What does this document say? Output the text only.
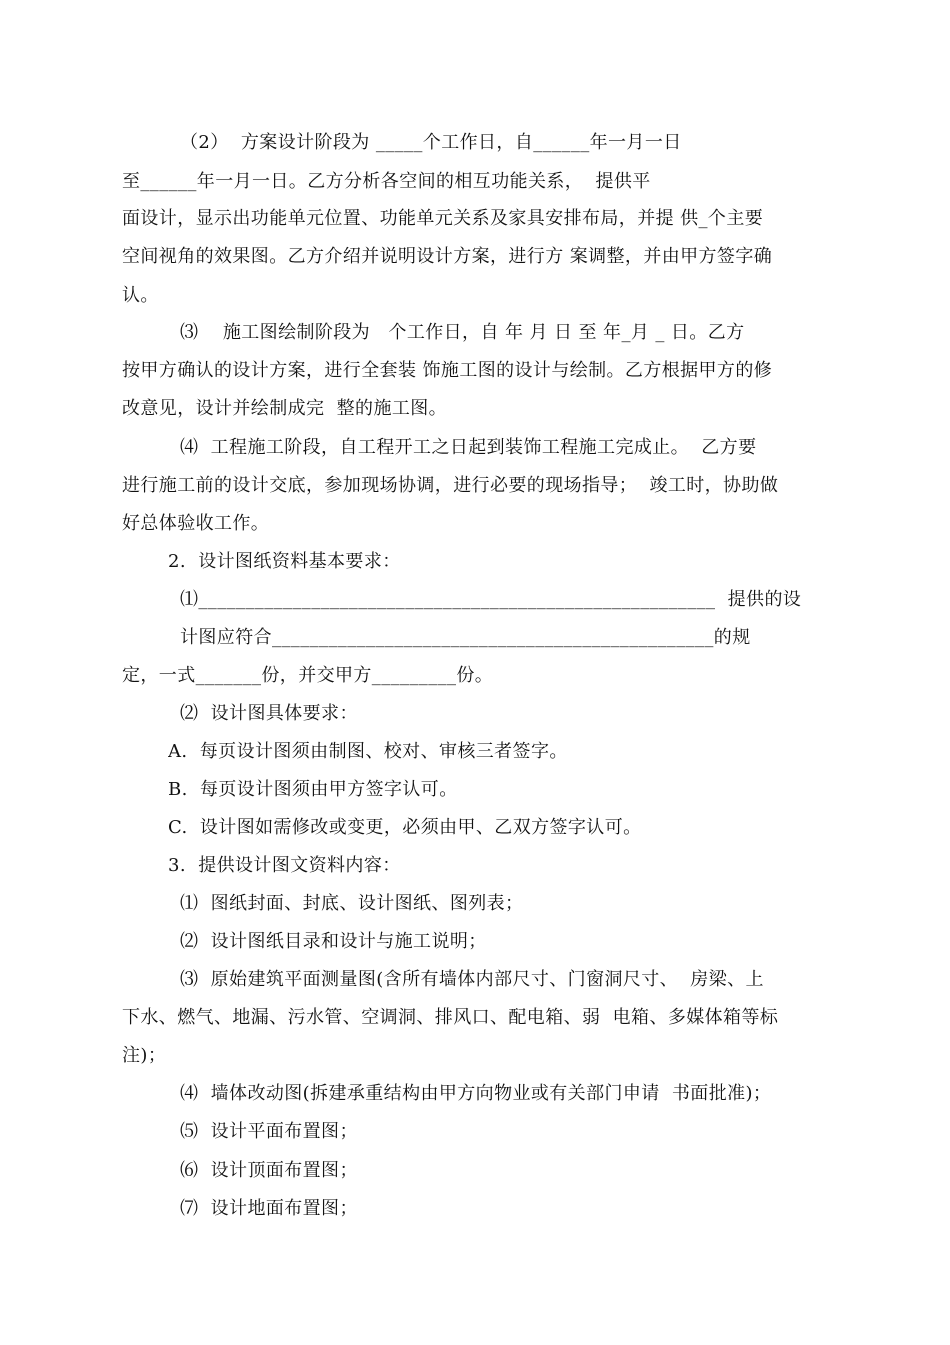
（2）  方案设计阶段为 _____个工作日，自______年一月一日
至______年一月一日。乙方分析各空间的相互功能关系，  提供平
面设计，显示出功能单元位置、功能单元关系及家具安排布局，并提 供_个主要
空间视角的效果图。乙方介绍并说明设计方案，进行方 案调整，并由甲方签字确
认。
⑶    施工图绘制阶段为   个工作日，自 年 月 日 至 年_月 _ 日。乙方
按甲方确认的设计方案，进行全套装 饰施工图的设计与绘制。乙方根据甲方的修
改意见，设计并绘制成完  整的施工图。
⑷  工程施工阶段，自工程开工之日起到装饰工程施工完成止。  乙方要
进行施工前的设计交底，参加现场协调，进行必要的现场指导；  竣工时，协助做
好总体验收工作。
2.  设计图纸资料基本要求：
⑴_______________________________________________________  提供的设
计图应符合_______________________________________________的规
定，一式_______份，并交甲方_________份。
⑵  设计图具体要求：
A.  每页设计图须由制图、校对、审核三者签字。
B.  每页设计图须由甲方签字认可。
C.  设计图如需修改或变更，必须由甲、乙双方签字认可。
3.  提供设计图文资料内容：
⑴  图纸封面、封底、设计图纸、图列表；
⑵  设计图纸目录和设计与施工说明；
⑶  原始建筑平面测量图(含所有墙体内部尺寸、门窗洞尺寸、  房梁、上
下水、燃气、地漏、污水管、空调洞、排风口、配电箱、弱  电箱、多媒体箱等标
注)；
⑷  墙体改动图(拆建承重结构由甲方向物业或有关部门申请  书面批准)；
⑸  设计平面布置图；
⑹  设计顶面布置图；
⑺  设计地面布置图；
